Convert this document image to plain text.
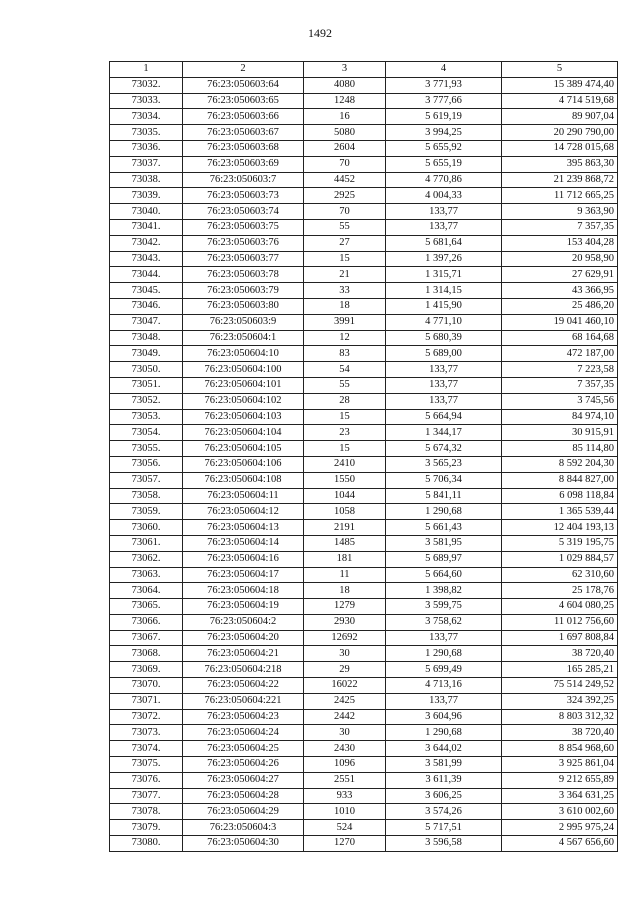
1492
1	2	3	4	5
73032.	76:23:050603:64	4080	3 771,93	15 389 474,40
73033.	76:23:050603:65	1248	3 777,66	4 714 519,68
73034.	76:23:050603:66	16	5 619,19	89 907,04
73035.	76:23:050603:67	5080	3 994,25	20 290 790,00
73036.	76:23:050603:68	2604	5 655,92	14 728 015,68
73037.	76:23:050603:69	70	5 655,19	395 863,30
73038.	76:23:050603:7	4452	4 770,86	21 239 868,72
73039.	76:23:050603:73	2925	4 004,33	11 712 665,25
73040.	76:23:050603:74	70	133,77	9 363,90
73041.	76:23:050603:75	55	133,77	7 357,35
73042.	76:23:050603:76	27	5 681,64	153 404,28
73043.	76:23:050603:77	15	1 397,26	20 958,90
73044.	76:23:050603:78	21	1 315,71	27 629,91
73045.	76:23:050603:79	33	1 314,15	43 366,95
73046.	76:23:050603:80	18	1 415,90	25 486,20
73047.	76:23:050603:9	3991	4 771,10	19 041 460,10
73048.	76:23:050604:1	12	5 680,39	68 164,68
73049.	76:23:050604:10	83	5 689,00	472 187,00
73050.	76:23:050604:100	54	133,77	7 223,58
73051.	76:23:050604:101	55	133,77	7 357,35
73052.	76:23:050604:102	28	133,77	3 745,56
73053.	76:23:050604:103	15	5 664,94	84 974,10
73054.	76:23:050604:104	23	1 344,17	30 915,91
73055.	76:23:050604:105	15	5 674,32	85 114,80
73056.	76:23:050604:106	2410	3 565,23	8 592 204,30
73057.	76:23:050604:108	1550	5 706,34	8 844 827,00
73058.	76:23:050604:11	1044	5 841,11	6 098 118,84
73059.	76:23:050604:12	1058	1 290,68	1 365 539,44
73060.	76:23:050604:13	2191	5 661,43	12 404 193,13
73061.	76:23:050604:14	1485	3 581,95	5 319 195,75
73062.	76:23:050604:16	181	5 689,97	1 029 884,57
73063.	76:23:050604:17	11	5 664,60	62 310,60
73064.	76:23:050604:18	18	1 398,82	25 178,76
73065.	76:23:050604:19	1279	3 599,75	4 604 080,25
73066.	76:23:050604:2	2930	3 758,62	11 012 756,60
73067.	76:23:050604:20	12692	133,77	1 697 808,84
73068.	76:23:050604:21	30	1 290,68	38 720,40
73069.	76:23:050604:218	29	5 699,49	165 285,21
73070.	76:23:050604:22	16022	4 713,16	75 514 249,52
73071.	76:23:050604:221	2425	133,77	324 392,25
73072.	76:23:050604:23	2442	3 604,96	8 803 312,32
73073.	76:23:050604:24	30	1 290,68	38 720,40
73074.	76:23:050604:25	2430	3 644,02	8 854 968,60
73075.	76:23:050604:26	1096	3 581,99	3 925 861,04
73076.	76:23:050604:27	2551	3 611,39	9 212 655,89
73077.	76:23:050604:28	933	3 606,25	3 364 631,25
73078.	76:23:050604:29	1010	3 574,26	3 610 002,60
73079.	76:23:050604:3	524	5 717,51	2 995 975,24
73080.	76:23:050604:30	1270	3 596,58	4 567 656,60
